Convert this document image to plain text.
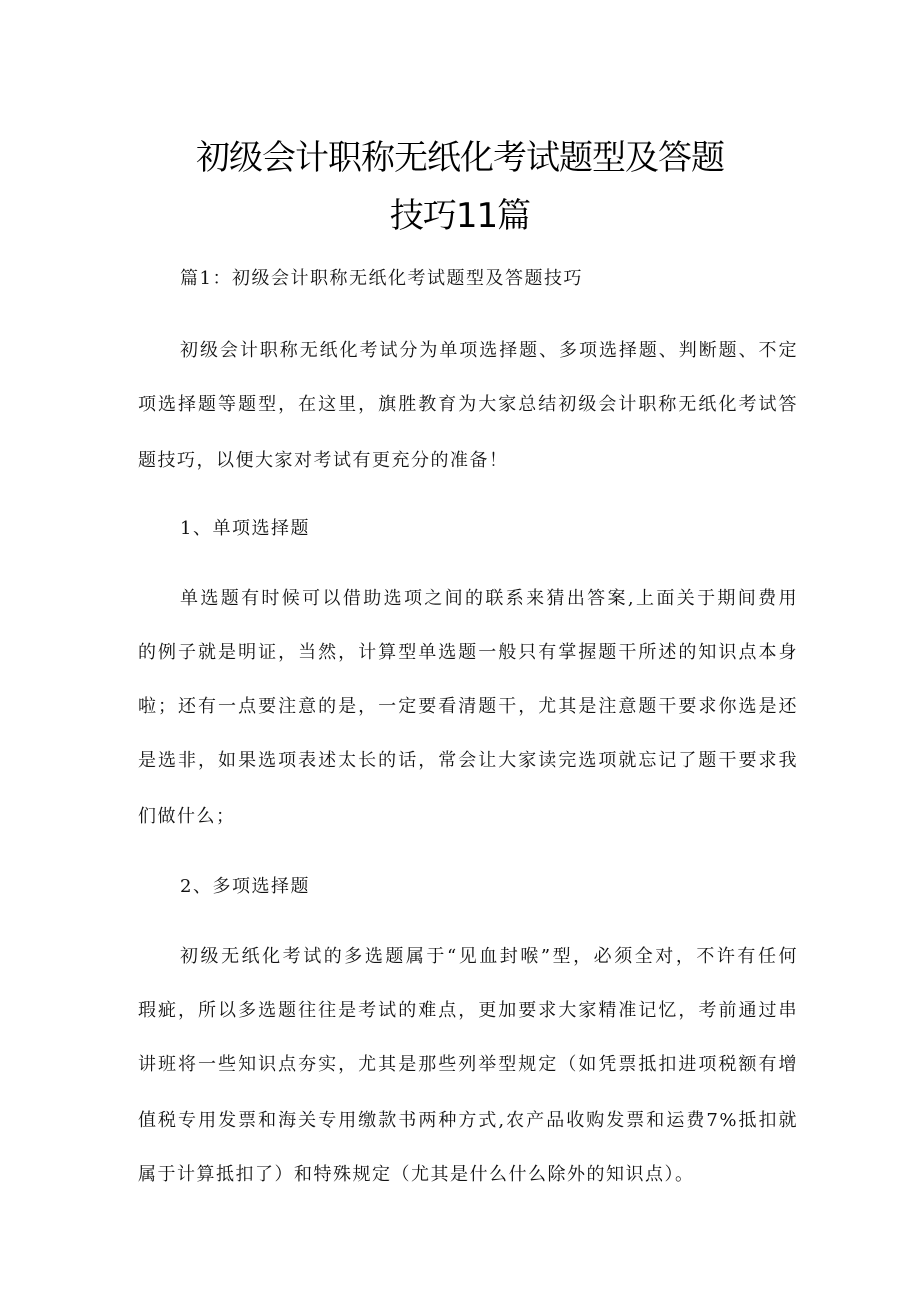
初级会计职称无纸化考试题型及答题
技巧11篇
篇1：初级会计职称无纸化考试题型及答题技巧
初级会计职称无纸化考试分为单项选择题、多项选择题、判断题、不定
项选择题等题型，在这里，旗胜教育为大家总结初级会计职称无纸化考试答
题技巧，以便大家对考试有更充分的准备！
1、单项选择题
单选题有时候可以借助选项之间的联系来猜出答案,上面关于期间费用
的例子就是明证，当然，计算型单选题一般只有掌握题干所述的知识点本身
啦；还有一点要注意的是，一定要看清题干，尤其是注意题干要求你选是还
是选非，如果选项表述太长的话，常会让大家读完选项就忘记了题干要求我
们做什么；
2、多项选择题
初级无纸化考试的多选题属于“见血封喉”型，必须全对，不许有任何
瑕疵，所以多选题往往是考试的难点，更加要求大家精准记忆，考前通过串
讲班将一些知识点夯实，尤其是那些列举型规定（如凭票抵扣进项税额有增
值税专用发票和海关专用缴款书两种方式,农产品收购发票和运费7%抵扣就
属于计算抵扣了）和特殊规定（尤其是什么什么除外的知识点）。
